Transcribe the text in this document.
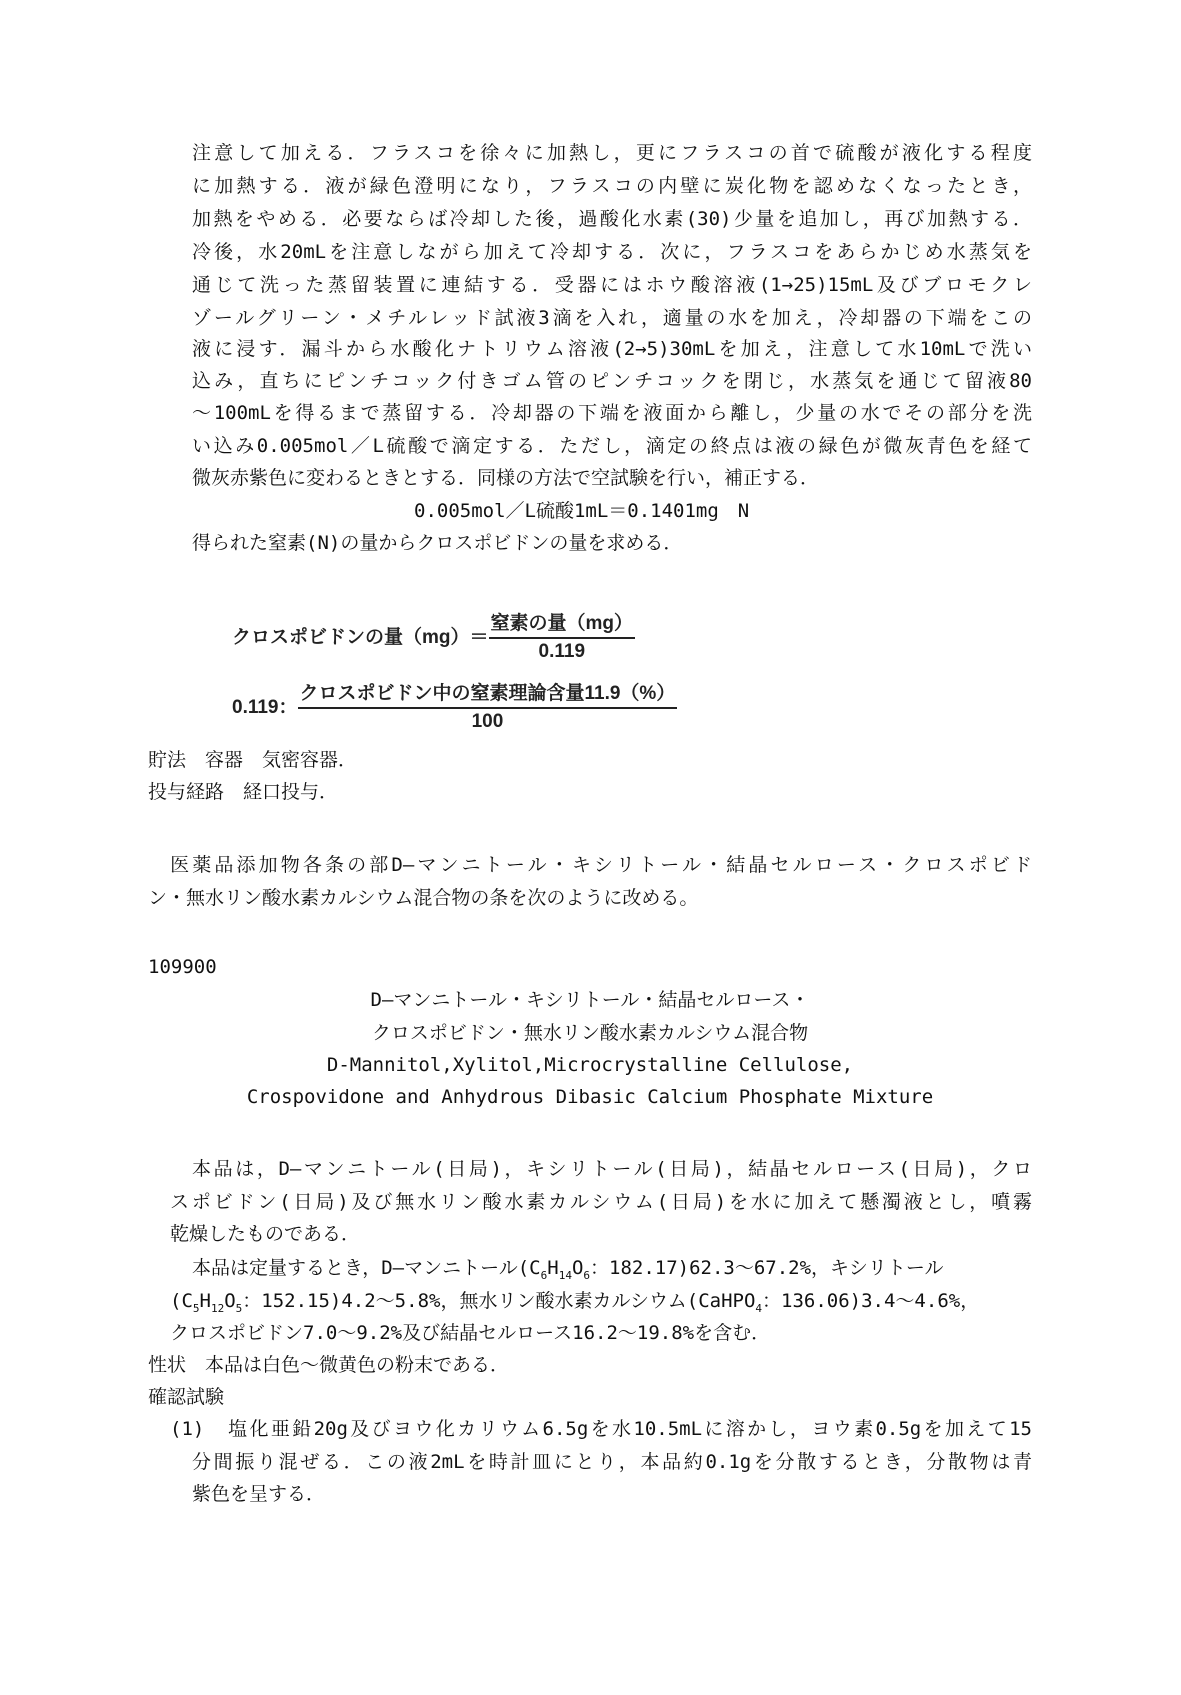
注意して加える．フラスコを徐々に加熱し，更にフラスコの首で硫酸が液化する程度
に加熱する．液が緑色澄明になり，フラスコの内壁に炭化物を認めなくなったとき，
加熱をやめる．必要ならば冷却した後，過酸化水素(30)少量を追加し，再び加熱する．
冷後，水20mLを注意しながら加えて冷却する．次に，フラスコをあらかじめ水蒸気を
通じて洗った蒸留装置に連結する．受器にはホウ酸溶液(1→25)15mL及びブロモクレ
ゾールグリーン・メチルレッド試液3滴を入れ，適量の水を加え，冷却器の下端をこの
液に浸す．漏斗から水酸化ナトリウム溶液(2→5)30mLを加え，注意して水10mLで洗い
込み，直ちにピンチコック付きゴム管のピンチコックを閉じ，水蒸気を通じて留液80
～100mLを得るまで蒸留する．冷却器の下端を液面から離し，少量の水でその部分を洗
い込み0.005mol／L硫酸で滴定する．ただし，滴定の終点は液の緑色が微灰青色を経て
微灰赤紫色に変わるときとする．同様の方法で空試験を行い，補正する．
0.005mol／L硫酸1mL＝0.1401mg　N
得られた窒素(N)の量からクロスポビドンの量を求める．
クロスポビドンの量$(mg)= \frac{\text{窒素の量（mg）}}{0.119}$
0.119： $\frac{\text{クロスポビドン中の窒素理論含量11.9（\%）}}{100}$
貯法　容器　気密容器．
投与経路　経口投与．
　医薬品添加物各条の部D―マンニトール・キシリトール・結晶セルロース・クロスポビド
ン・無水リン酸水素カルシウム混合物の条を次のように改める。
109900
D―マンニトール・キシリトール・結晶セルロース・
クロスポビドン・無水リン酸水素カルシウム混合物
D-Mannitol,Xylitol,Microcrystalline Cellulose,
Crospovidone and Anhydrous Dibasic Calcium Phosphate Mixture
本品は，D―マンニトール(日局)，キシリトール(日局)，結晶セルロース(日局)，クロ
スポビドン(日局)及び無水リン酸水素カルシウム(日局)を水に加えて懸濁液とし，噴霧
乾燥したものである．
本品は定量するとき，D―マンニトール($C_6H_{14}O_6$：182.17)62.3～67.2%，キシリトール
($C_5H_{12}O_5$：152.15)4.2～5.8%，無水リン酸水素カルシウム(CaHPO$_4$：136.06)3.4～4.6%，
クロスポビドン7.0～9.2%及び結晶セルロース16.2～19.8%を含む．
性状　本品は白色～微黄色の粉末である．
確認試験
(1)　塩化亜鉛20g及びヨウ化カリウム6.5gを水10.5mLに溶かし，ヨウ素0.5gを加えて15
分間振り混ぜる．この液2mLを時計皿にとり，本品約0.1gを分散するとき，分散物は青
紫色を呈する．
